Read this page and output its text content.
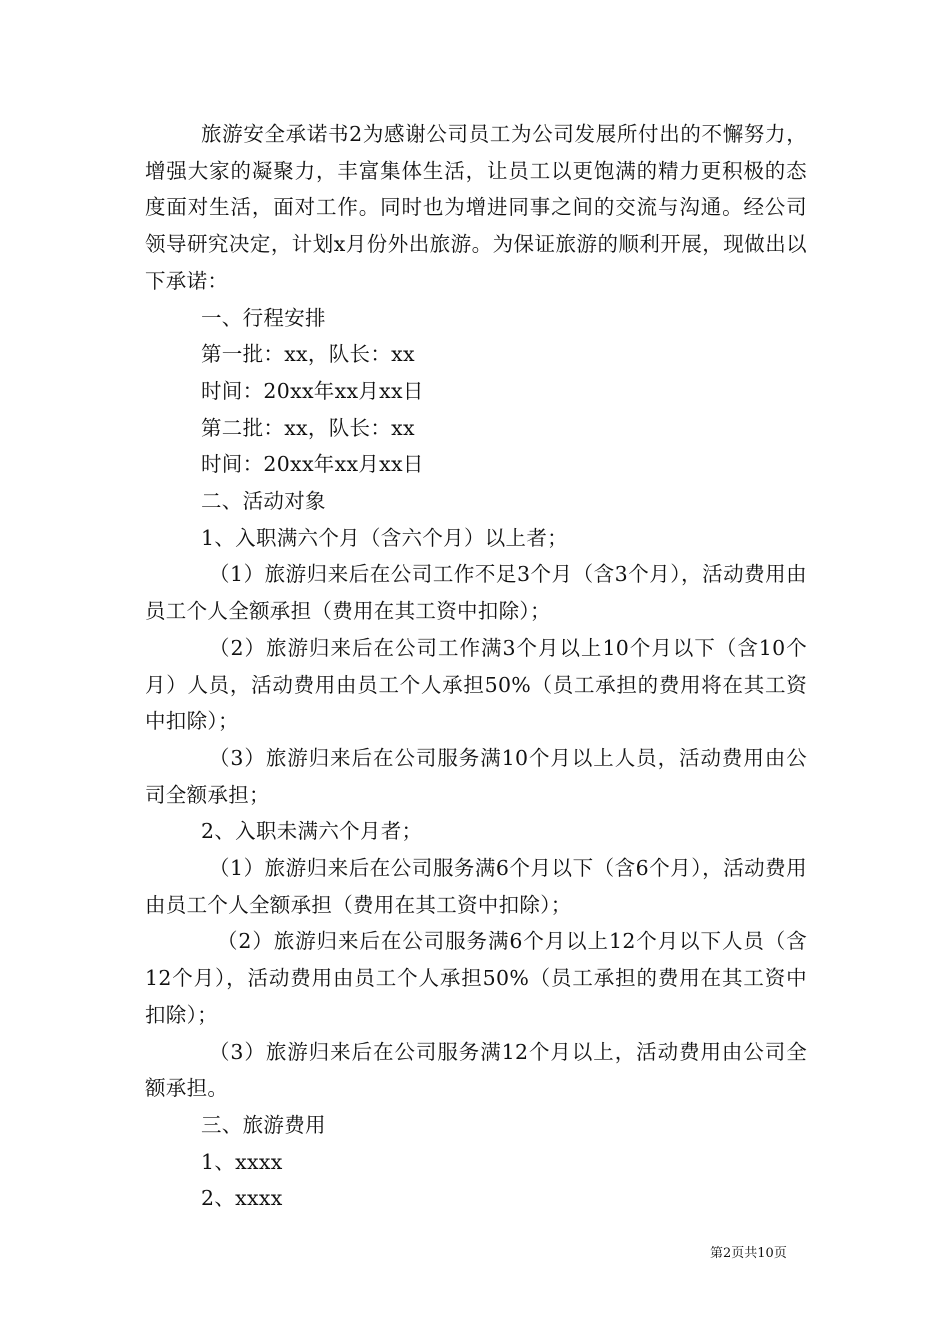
旅游安全承诺书2为感谢公司员工为公司发展所付出的不懈努力，增强大家的凝聚力，丰富集体生活，让员工以更饱满的精力更积极的态度面对生活，面对工作。同时也为增进同事之间的交流与沟通。经公司领导研究决定，计划x月份外出旅游。为保证旅游的顺利开展，现做出以下承诺：

一、行程安排

第一批：xx，队长：xx

时间：20xx年xx月xx日

第二批：xx，队长：xx

时间：20xx年xx月xx日

二、活动对象

1、入职满六个月（含六个月）以上者；

（1）旅游归来后在公司工作不足3个月（含3个月），活动费用由员工个人全额承担（费用在其工资中扣除）；

（2）旅游归来后在公司工作满3个月以上10个月以下（含10个月）人员，活动费用由员工个人承担50%（员工承担的费用将在其工资中扣除）；

（3）旅游归来后在公司服务满10个月以上人员，活动费用由公司全额承担；

2、入职未满六个月者；

（1）旅游归来后在公司服务满6个月以下（含6个月），活动费用由员工个人全额承担（费用在其工资中扣除）；

（2）旅游归来后在公司服务满6个月以上12个月以下人员（含12个月），活动费用由员工个人承担50%（员工承担的费用在其工资中扣除）；

（3）旅游归来后在公司服务满12个月以上，活动费用由公司全额承担。

三、旅游费用

1、xxxx

2、xxxx

第2页共10页
